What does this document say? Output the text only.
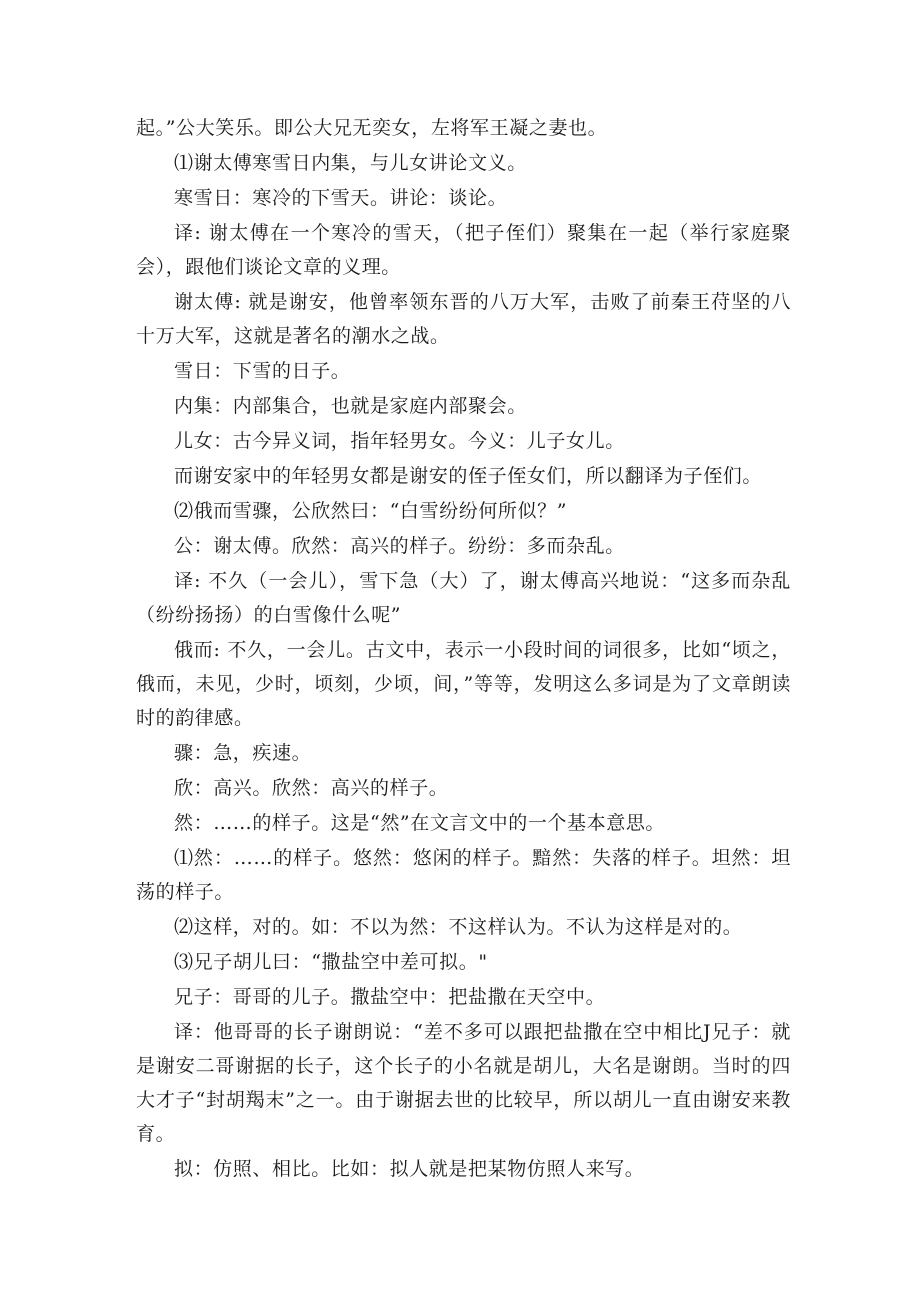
起。”公大笑乐。即公大兄无奕女，左将军王凝之妻也。

⑴谢太傅寒雪日内集，与儿女讲论文义。

寒雪日：寒冷的下雪天。讲论：谈论。

译: 谢太傅在一个寒冷的雪天，（把子侄们）聚集在一起（举行家庭聚会），跟他们谈论文章的义理。

谢太傅: 就是谢安，他曾率领东晋的八万大军，击败了前秦王苻坚的八十万大军，这就是著名的潮水之战。

雪日：下雪的日子。

内集：内部集合，也就是家庭内部聚会。

儿女：古今异义词，指年轻男女。今义：儿子女儿。

而谢安家中的年轻男女都是谢安的侄子侄女们，所以翻译为子侄们。

⑵俄而雪骤，公欣然曰：“白雪纷纷何所似？”

公：谢太傅。欣然：高兴的样子。纷纷：多而杂乱。

译: 不久（一会儿），雪下急（大）了，谢太傅高兴地说：“这多而杂乱（纷纷扬扬）的白雪像什么呢”

俄而: 不久，一会儿。古文中，表示一小段时间的词很多，比如“顷之，俄而，未见，少时，顷刻，少顷，间，”等等，发明这么多词是为了文章朗读时的韵律感。

骤：急，疾速。

欣：高兴。欣然：高兴的样子。

然：……的样子。这是“然”在文言文中的一个基本意思。

⑴然：……的样子。悠然：悠闲的样子。黯然：失落的样子。坦然：坦荡的样子。

⑵这样，对的。如：不以为然：不这样认为。不认为这样是对的。

⑶兄子胡儿曰：“撒盐空中差可拟。"

兄子：哥哥的儿子。撒盐空中：把盐撒在天空中。

译：他哥哥的长子谢朗说：“差不多可以跟把盐撒在空中相比J兄子：就是谢安二哥谢据的长子，这个长子的小名就是胡儿，大名是谢朗。当时的四大才子“封胡羯末”之一。由于谢据去世的比较早，所以胡儿一直由谢安来教育。

拟：仿照、相比。比如：拟人就是把某物仿照人来写。
